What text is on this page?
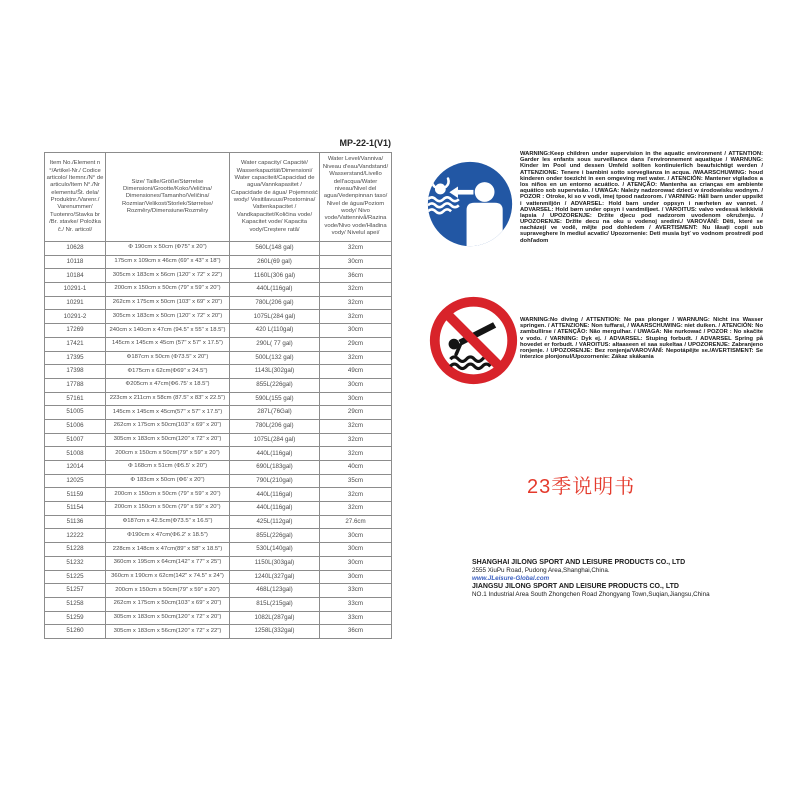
MP-22-1(V1)
Item No./Element n °/Artikel-Nr./ Codice articolo/ Itemnr./N° de articulo/Item N°./Nr elementu/Št. dela/ Produktnr./Varenr./ Varenummer/ Tuotenro/Stavka br /Br. stavke/ Položka č./ Nr. articol/	Size/ Taille/Größe/Størrelse Dimensioni/Grootte/Koko/Veličina/ Dimensiones/Tamanho/Veličina/ Rozmiar/Velikost/Storlek/Størrelse/ Rozměry/Dimensiune/Rozměry	Water capacity/ Capacité/ Wasserkapazität/Dimensioni/ Water capaciteit/Capacidad de agua/Vannkapasitet / Capacidade de água/ Pojemność wody/ Vesitilavuus/Prostornina/ Vattenkapacitet / Vandkapacitet/Količina vode/ Kapacitet vode/ Kapacita vody/Creștere rată/	Water Level/Vanniva/ Niveau d'eau/Vandstand/ Wasserstand/Livello dell'acqua/Water niveau/Nivel del agua/Vedenpinnan taso/ Nivel de água/Poziom wody/ Nivo vode/Vattennivå/Razina vode/Nivo vode/Hladina vody/ Nivelul apei/
10628	Φ 190cm x 50cm (Φ75" x 20")	560L(148 gal)	32cm
10118	175cm x 109cm x 46cm (69" x 43" x 18")	260L(69 gal)	30cm
10184	305cm x 183cm x 56cm (120" x 72" x 22")	1160L(306 gal)	36cm
10291-1	200cm x 150cm x 50cm (79" x 59" x 20")	440L(116gal)	32cm
10291	262cm x 175cm x 50cm (103" x 69" x 20")	780L(206 gal)	32cm
10291-2	305cm x 183cm x 50cm (120" x 72" x 20")	1075L(284 gal)	32cm
17269	240cm x 140cm x 47cm (94.5" x 55" x 18.5")	420 L(110gal)	30cm
17421	145cm x 145cm x 45cm (57" x 57" x 17.5")	290L( 77 gal)	29cm
17395	Φ187cm x 50cm (Φ73.5" x 20")	500L(132 gal)	32cm
17398	Φ175cm x 62cm(Φ69" x 24.5")	1143L(302gal)	49cm
17788	Φ205cm x 47cm(Φ6.75' x 18.5")	855L(226gal)	30cm
57161	223cm x 211cm x 58cm (87.5" x 83" x 22.5")	590L(155 gal)	30cm
51005	145cm x 145cm x 45cm(57" x 57" x 17.5")	287L(76Gal)	29cm
51006	262cm x 175cm x 50cm(103" x 69" x 20")	780L(206 gal)	32cm
51007	305cm x 183cm x 50cm(120" x 72" x 20")	1075L(284 gal)	32cm
51008	200cm x 150cm x 50cm(79" x 59" x 20")	440L(116gal)	32cm
12014	Φ 168cm x 51cm (Φ5.5' x 20")	690L(183gal)	40cm
12025	Φ 183cm x 50cm (Φ6' x 20")	790L(210gal)	35cm
51159	200cm x 150cm x 50cm (79" x 59" x 20")	440L(116gal)	32cm
51154	200cm x 150cm x 50cm (79" x 59" x 20")	440L(116gal)	32cm
51136	Φ187cm x 42.5cm(Φ73.5" x 16.5")	425L(112gal)	27.6cm
12222	Φ190cm x 47cm(Φ6.2' x 18.5")	855L(226gal)	30cm
51228	228cm x 148cm x 47cm(89" x 58" x 18.5")	530L(140gal)	30cm
51232	360cm x 195cm x 64cm(142" x 77" x 25")	1150L(303gal)	30cm
51225	360cm x 190cm x 62cm(142" x 74.5" x 24")	1240L(327gal)	30cm
51257	200cm x 150cm x 50cm(79" x 59" x 20")	468L(123gal)	33cm
51258	262cm x 175cm x 50cm(103" x 69" x 20")	815L(215gal)	33cm
51259	305cm x 183cm x 50cm(120" x 72" x 20")	1082L(287gal)	33cm
51260	305cm x 183cm x 56cm(120" x 72" x 22")	1258L(332gal)	36cm

WARNING:Keep children under supervision in the aquatic environment / ATTENTION: Garder les enfants sous surveillance dans l'environnement aquatique / WARNUNG: Kinder im Pool und dessen Umfeld sollten kontinuierlich beaufsichtigt werden / ATTENZIONE: Tenere i bambini sotto sorveglianza in acqua. /WAARSCHUWING: houd kinderen onder toezicht in een omgeving met water. / ATENCIÓN: Mantener vigilados a los niños en un entorno acuático. / ATENÇÃO: Mantenha as crianças em ambiente aquático sob supervisão. / UWAGA: Należy nadzorować dzieci w środowisku wodnym. / POZOR : Otroke, ki so v vodi, imej tpood nadzorom. / VARNING: Håll barn under uppsikt i vattenmiljön / ADVARSEL: Hold barn under oppsyn i nærheten av vannet. / ADVARSEL: Hold børn under opsyn i vandmiljøet. / VAROITUS: valvo vedessä leikkiviä lapsia / UPOZORENJE: Držite djecu pod nadzorom uvodenom okruženju. / UPOZORENJE: Držite decu na oku u vodenoj sredini./ VAROVÁNÍ: Děti, které se nacházejí ve vodě, mějte pod dohledem / AVERTISMENT: Nu lăsați copii sub supraveghere în mediul acvatic/ Upozornenie: Deti musia byť vo vodnom prostredí pod dohľadom

WARNING:No diving / ATTENTION: Ne pas plonger / WARNUNG: Nicht ins Wasser springen. / ATTENZIONE: Non tuffarsi, / WAARSCHUWING: niet duiken. / ATENCIÓN: No zambullirse / ATENÇÃO: Não mergulhar. / UWAGA: Nie nurkować / POZOR : No skačite v vodo. / VARNING: Dyk ej. / ADVARSEL: Stuping forbudt. / ADVARSEL Spring på hovedet er forbudt. / VAROITUS: altaaseen ei saa sukeltaa / UPOZORENJE: Zabranjeno ronjenje. / UPOZORENJE: Bez ronjenja/VAROVÁNÍ: Nepotápějte se./AVERTISMENT: Se interzice plonjonul/Upozornenie: Zákaz skákania

23季说明书
SHANGHAI JILONG SPORT AND LEISURE PRODUCTS CO., LTD
2555 XiuPu Road, Pudong Area,Shanghai,China.
www.JLeisure-Global.com
JIANGSU JILONG SPORT AND LEISURE PRODUCTS CO., LTD
NO.1 Industrial Area South Zhongchen Road Zhongyang Town,Suqian,Jiangsu,China
